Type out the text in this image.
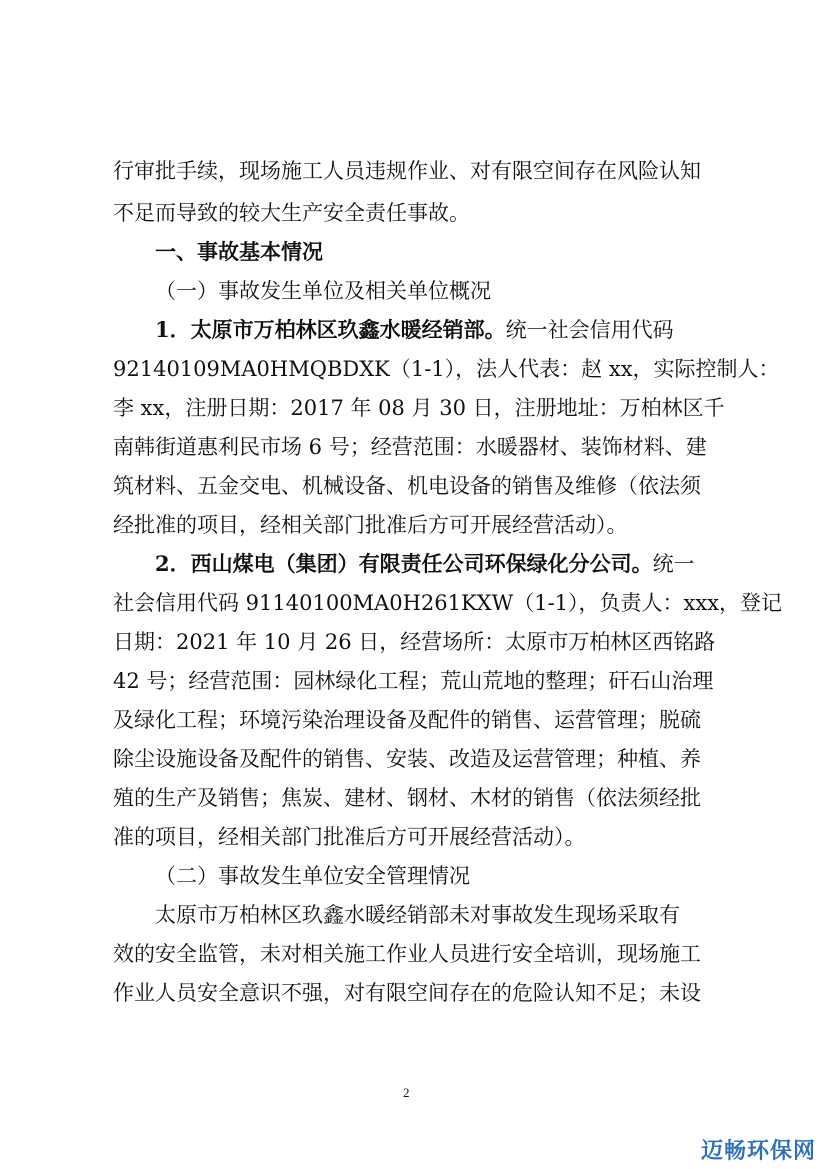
行审批手续，现场施工人员违规作业、对有限空间存在风险认知
不足而导致的较大生产安全责任事故。
一、事故基本情况
（一）事故发生单位及相关单位概况
1．太原市万柏林区玖鑫水暖经销部。统一社会信用代码
92140109MA0HMQBDXK（1-1），法人代表：赵 xx，实际控制人：
李 xx，注册日期：2017 年 08 月 30 日，注册地址：万柏林区千
南韩街道惠利民市场 6 号；经营范围：水暖器材、装饰材料、建
筑材料、五金交电、机械设备、机电设备的销售及维修（依法须
经批准的项目，经相关部门批准后方可开展经营活动）。
2．西山煤电（集团）有限责任公司环保绿化分公司。统一
社会信用代码 91140100MA0H261KXW（1-1），负责人：xxx，登记
日期：2021 年 10 月 26 日，经营场所：太原市万柏林区西铭路
42 号；经营范围：园林绿化工程；荒山荒地的整理；矸石山治理
及绿化工程；环境污染治理设备及配件的销售、运营管理；脱硫
除尘设施设备及配件的销售、安装、改造及运营管理；种植、养
殖的生产及销售；焦炭、建材、钢材、木材的销售（依法须经批
准的项目，经相关部门批准后方可开展经营活动）。
（二）事故发生单位安全管理情况
太原市万柏林区玖鑫水暖经销部未对事故发生现场采取有
效的安全监管，未对相关施工作业人员进行安全培训，现场施工
作业人员安全意识不强，对有限空间存在的危险认知不足；未设
2
迈畅环保网
